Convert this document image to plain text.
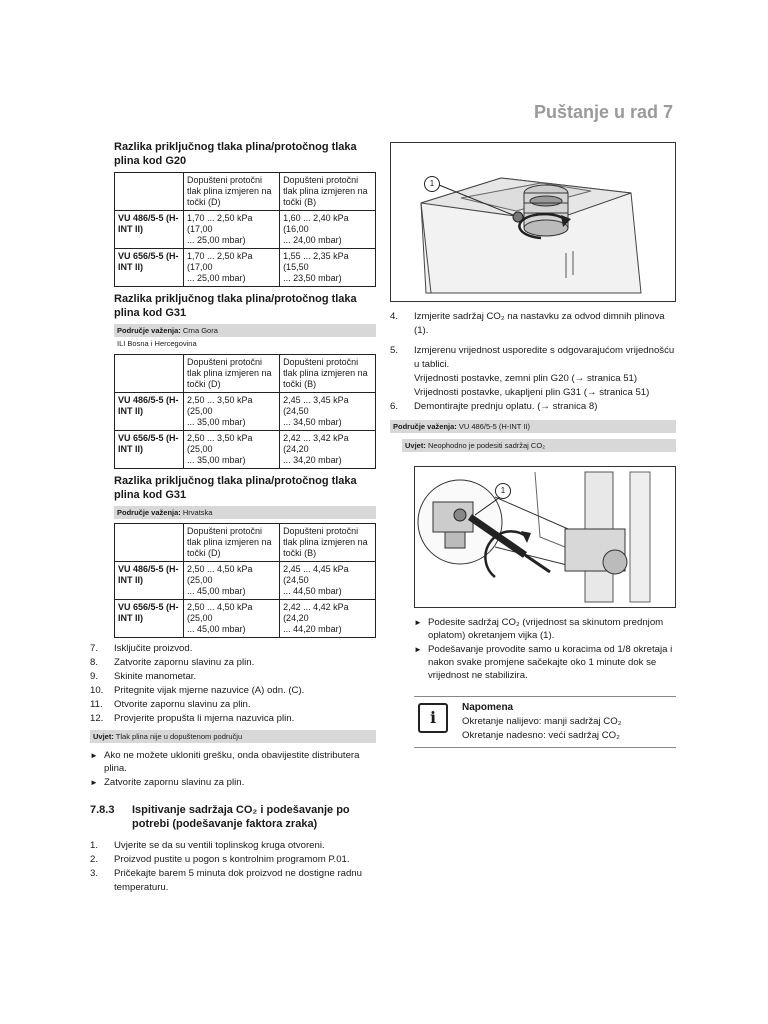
Puštanje u rad 7
Razlika priključnog tlaka plina/protočnog tlaka plina kod G20
	Dopušteni protočni tlak plina izmjeren na točki (D)	Dopušteni protočni tlak plina izmjeren na točki (B)
VU 486/5-5 (H-INT II)	1,70 ... 2,50 kPa
(17,00
... 25,00 mbar)	1,60 ... 2,40 kPa
(16,00
... 24,00 mbar)

VU 656/5-5 (H-INT II)	1,70 ... 2,50 kPa
(17,00
... 25,00 mbar)	1,55 ... 2,35 kPa
(15,50
... 23,50 mbar)
Razlika priključnog tlaka plina/protočnog tlaka plina kod G31
Područje važenja: Crna Gora
ILI Bosna i Hercegovina
	Dopušteni protočni tlak plina izmjeren na točki (D)	Dopušteni protočni tlak plina izmjeren na točki (B)
VU 486/5-5 (H-INT II)	2,50 ... 3,50 kPa
(25,00
... 35,00 mbar)	2,45 ... 3,45 kPa
(24,50
... 34,50 mbar)

VU 656/5-5 (H-INT II)	2,50 ... 3,50 kPa
(25,00
... 35,00 mbar)	2,42 ... 3,42 kPa
(24,20
... 34,20 mbar)
Razlika priključnog tlaka plina/protočnog tlaka plina kod G31
Područje važenja: Hrvatska
	Dopušteni protočni tlak plina izmjeren na točki (D)	Dopušteni protočni tlak plina izmjeren na točki (B)
VU 486/5-5 (H-INT II)	2,50 ... 4,50 kPa
(25,00
... 45,00 mbar)	2,45 ... 4,45 kPa
(24,50
... 44,50 mbar)

VU 656/5-5 (H-INT II)	2,50 ... 4,50 kPa
(25,00
... 45,00 mbar)	2,42 ... 4,42 kPa
(24,20
... 44,20 mbar)
7. Isključite proizvod.
8. Zatvorite zapornu slavinu za plin.
9. Skinite manometar.
10. Pritegnite vijak mjerne nazuvice (A) odn. (C).
11. Otvorite zapornu slavinu za plin.
12. Provjerite propušta li mjerna nazuvica plin.
Uvjet: Tlak plina nije u dopuštenom području
► Ako ne možete ukloniti grešku, onda obavijestite distributera plina.
► Zatvorite zapornu slavinu za plin.
7.8.3	Ispitivanje sadržaja CO₂ i podešavanje po potrebi (podešavanje faktora zraka)
1. Uvjerite se da su ventili toplinskog kruga otvoreni.
2. Proizvod pustite u pogon s kontrolnim programom P.01.
3. Pričekajte barem 5 minuta dok proizvod ne dostigne radnu temperaturu.
1
4. Izmjerite sadržaj CO₂ na nastavku za odvod dimnih plinova (1).
5. Izmjerenu vrijednost usporedite s odgovarajućom vrijednošću u tablici.
Vrijednosti postavke, zemni plin G20 (→ stranica 51)
Vrijednosti postavke, ukapljeni plin G31 (→ stranica 51)
6. Demontirajte prednju oplatu. (→ stranica 8)
Područje važenja: VU 486/5-5 (H-INT II)
Uvjet: Neophodno je podesiti sadržaj CO₂
1
► Podesite sadržaj CO₂ (vrijednost sa skinutom prednjom oplatom) okretanjem vijka (1).
► Podešavanje provodite samo u koracima od 1/8 okretaja i nakon svake promjene sačekajte oko 1 minute dok se vrijednost ne stabilizira.
i
Napomena
Okretanje nalijevo: manji sadržaj CO₂
Okretanje nadesno: veći sadržaj CO₂
